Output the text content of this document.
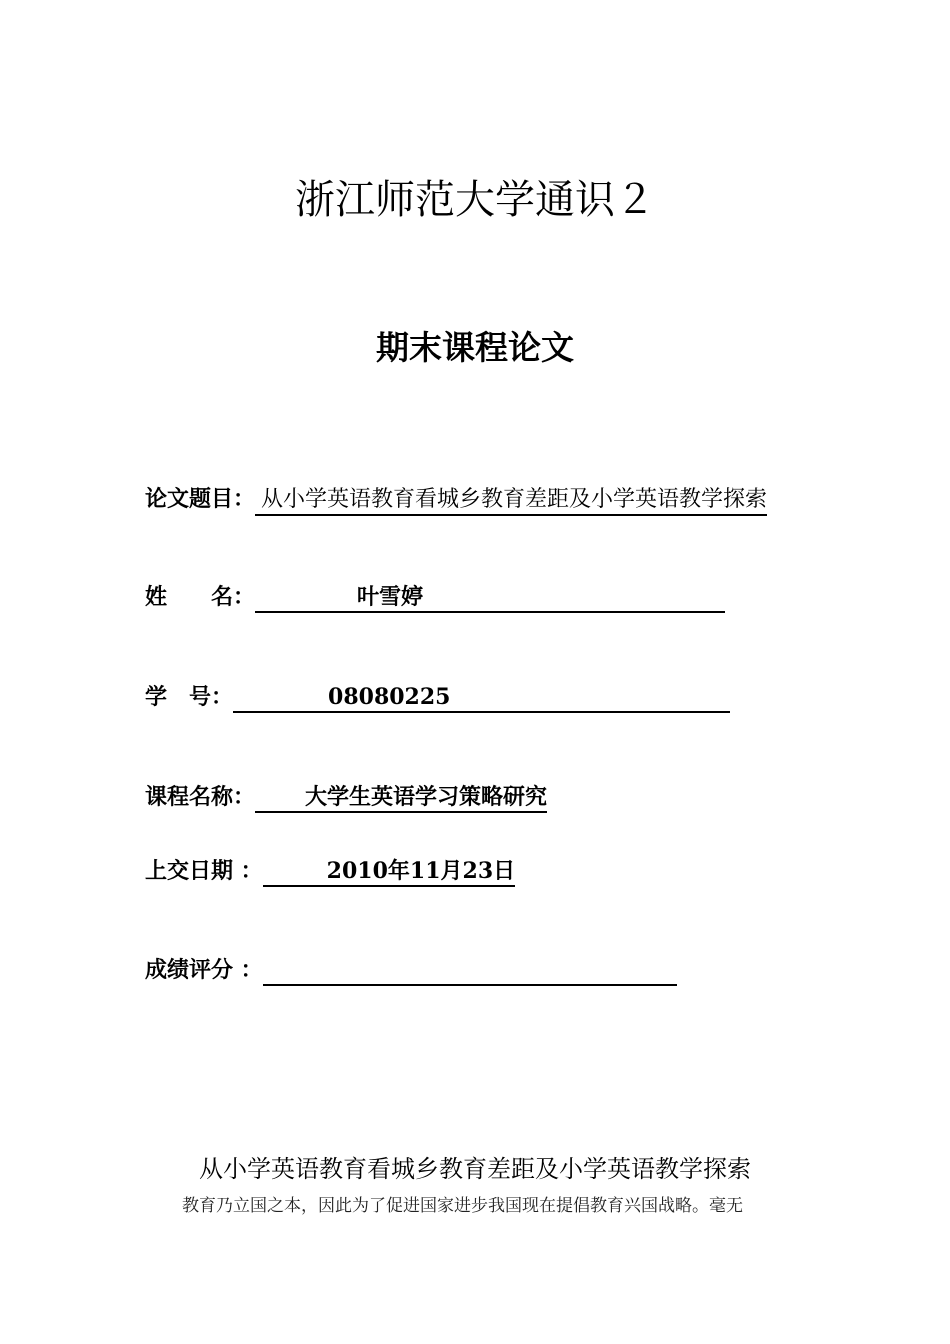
浙江师范大学通识２
期末课程论文
论文题目： 从小学英语教育看城乡教育差距及小学英语教学探索
姓　　名：	叶雪婷
学　号：	08080225
课程名称： 大学生英语学习策略研究
上交日期 ：	2010年11月23日
成绩评分 ：
从小学英语教育看城乡教育差距及小学英语教学探索
教育乃立国之本，因此为了促进国家进步我国现在提倡教育兴国战略。毫无
